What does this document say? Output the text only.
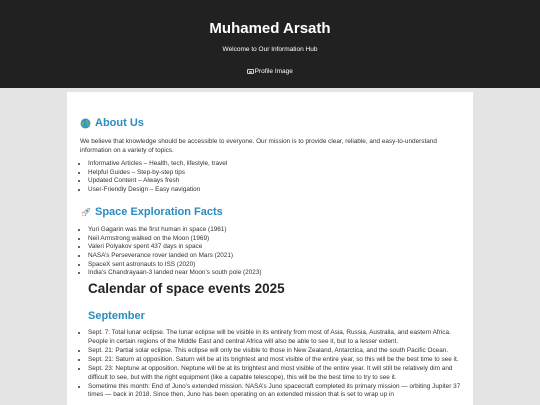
Muhamed Arsath
Welcome to Our Information Hub
Profile Image
About Us

We believe that knowledge should be accessible to everyone. Our mission is to provide clear, reliable, and easy-to-understand information on a variety of topics.

• Informative Articles – Health, tech, lifestyle, travel
• Helpful Guides – Step-by-step tips
• Updated Content – Always fresh
• User-Friendly Design – Easy navigation
Space Exploration Facts
• Yuri Gagarin was the first human in space (1961)
• Neil Armstrong walked on the Moon (1969)
• Valeri Polyakov spent 437 days in space
• NASA’s Perseverance rover landed on Mars (2021)
• SpaceX sent astronauts to ISS (2020)
• India’s Chandrayaan-3 landed near Moon’s south pole (2023)
Calendar of space events 2025
September
• Sept. 7: Total lunar eclipse. The lunar eclipse will be visible in its entirety from most of Asia, Russia, Australia, and eastern Africa. People in certain regions of the Middle East and central Africa will also be able to see it, but to a lesser extent.
• Sept. 21: Partial solar eclipse. This eclipse will only be visible to those in New Zealand, Antarctica, and the south Pacific Ocean.
• Sept. 21: Saturn at opposition. Saturn will be at its brightest and most visible of the entire year, so this will be the best time to see it.
• Sept. 23: Neptune at opposition. Neptune will be at its brightest and most visible of the entire year. It will still be relatively dim and difficult to see, but with the right equipment (like a capable telescope), this will be the best time to try to see it.
• Sometime this month: End of Juno’s extended mission. NASA’s Juno spacecraft completed its primary mission — orbiting Jupiter 37 times — back in 2018. Since then, Juno has been operating on an extended mission that is set to wrap up in
